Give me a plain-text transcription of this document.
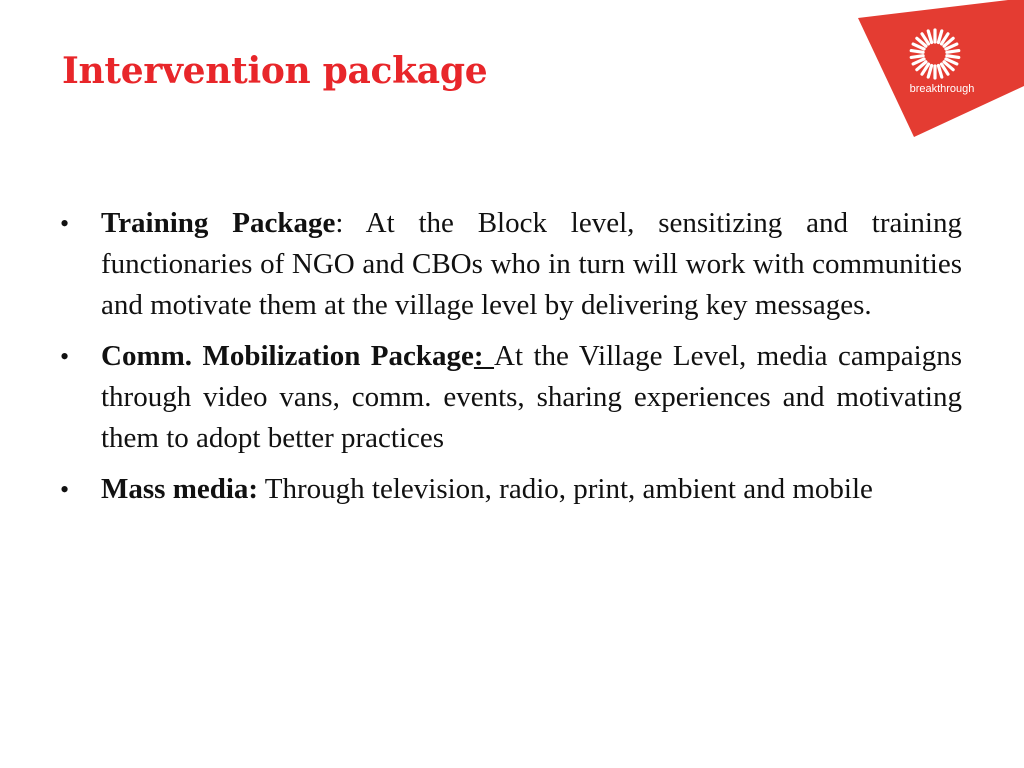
Intervention package	breakthrough
• Training Package: At the Block level, sensitizing and training functionaries of NGO and CBOs who in turn will work with communities and motivate them at the village level by delivering key messages.
• Comm. Mobilization Package: At the Village Level, media campaigns through video vans, comm. events, sharing experiences and motivating them to adopt better practices
• Mass media: Through television, radio, print, ambient and mobile
